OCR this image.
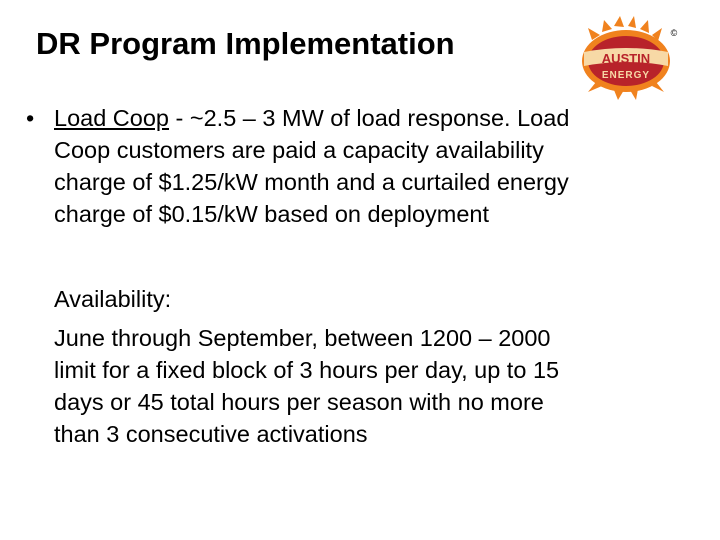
DR Program Implementation	AUSTIN
ENERGY
©
• Load Coop - ~2.5 – 3 MW of load response. Load
Coop customers are paid a capacity availability
charge of $1.25/kW month and a curtailed energy
charge of $0.15/kW based on deployment
Availability:
June through September, between 1200 – 2000
limit for a fixed block of 3 hours per day, up to 15
days or 45 total hours per season with no more
than 3 consecutive activations
